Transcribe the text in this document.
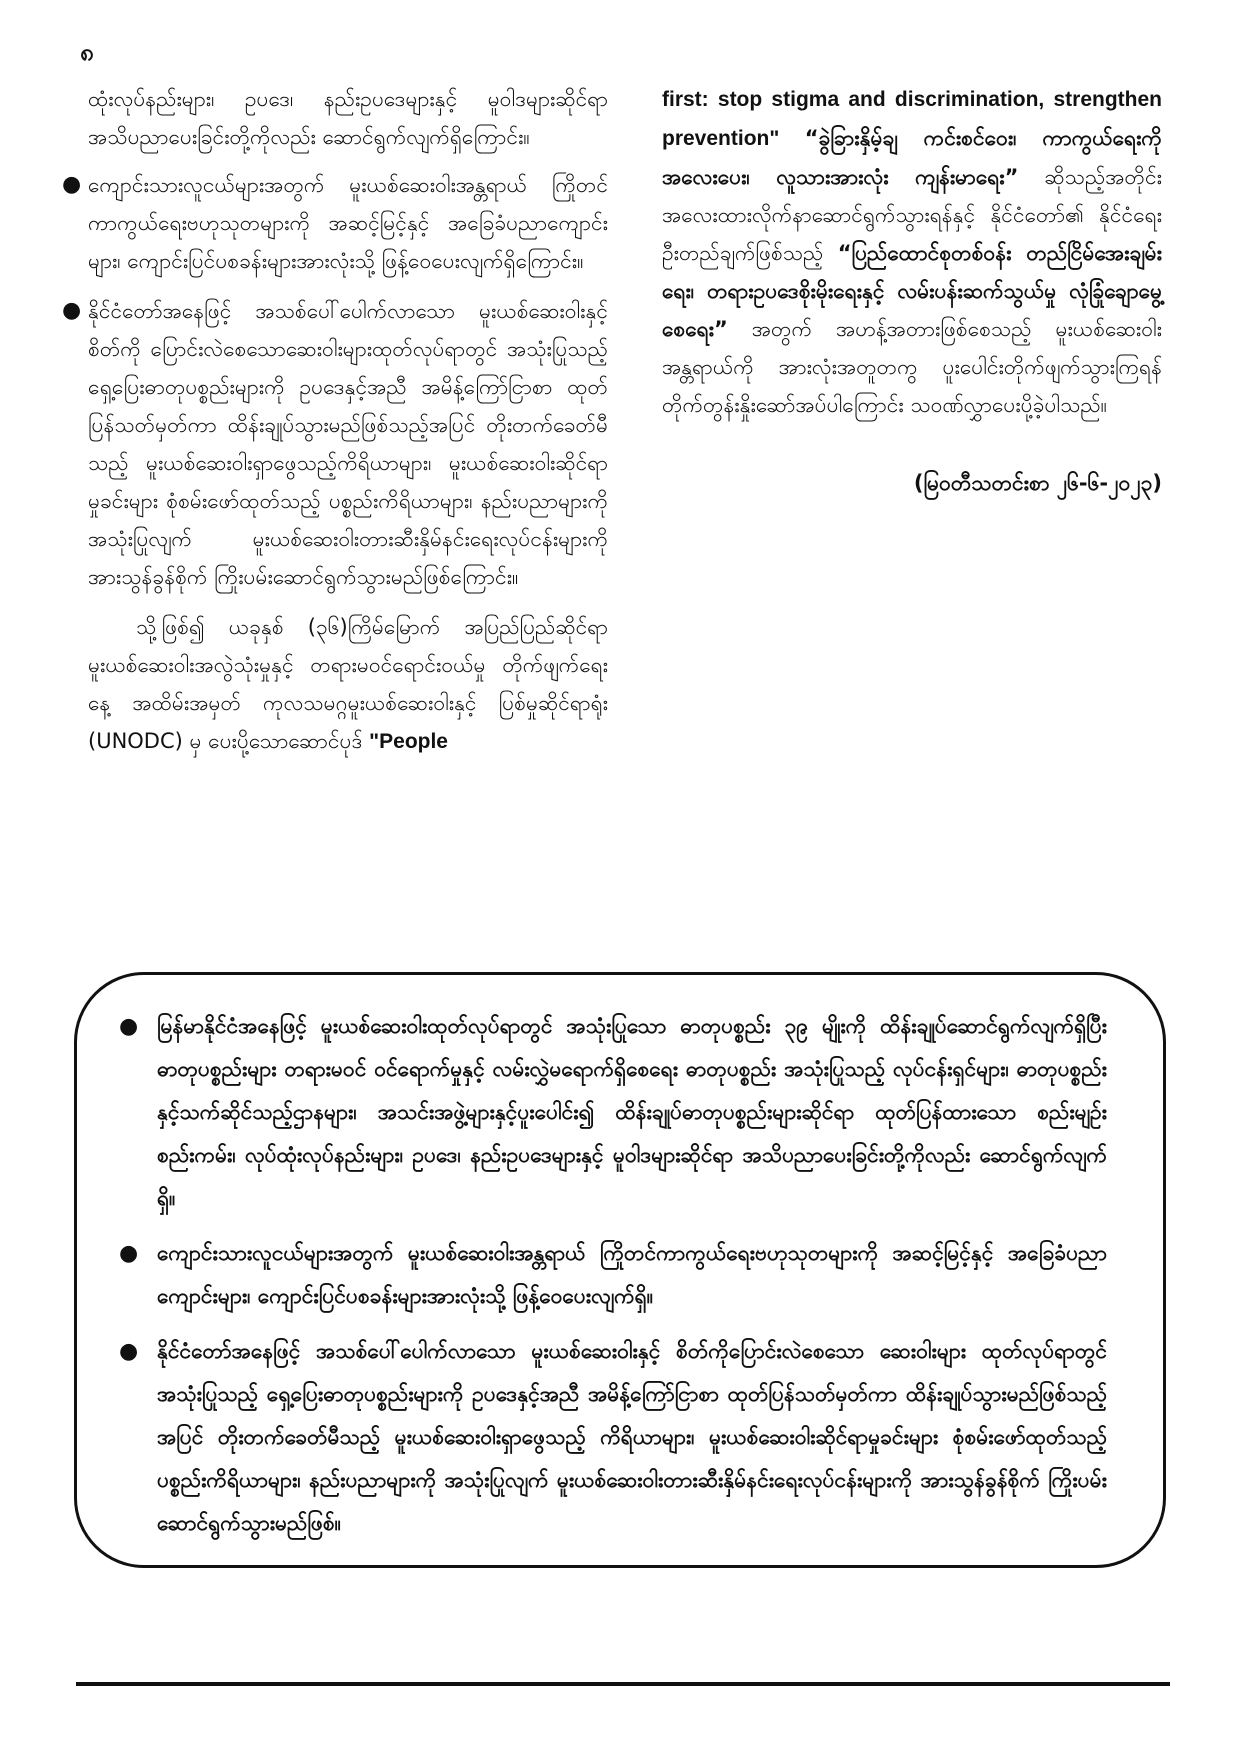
၈

ထုံးလုပ်နည်းများ၊ ဥပဒေ၊ နည်းဥပဒေများနှင့် မူဝါဒများဆိုင်ရာ အသိပညာပေးခြင်းတို့ကိုလည်း ဆောင်ရွက်လျက်ရှိကြောင်း။

● ကျောင်းသားလူငယ်များအတွက် မူးယစ်ဆေးဝါးအန္တရာယ် ကြိုတင်ကာကွယ်ရေးဗဟုသုတများကို အဆင့်မြင့်နှင့် အခြေခံပညာကျောင်းများ၊ ကျောင်းပြင်ပစခန်းများအားလုံးသို့ ဖြန့်ဝေပေးလျက်ရှိကြောင်း။
● နိုင်ငံတော်အနေဖြင့် အသစ်ပေါ်ပေါက်လာသော မူးယစ်ဆေးဝါးနှင့် စိတ်ကို ပြောင်းလဲစေသောဆေးဝါးများထုတ်လုပ်ရာတွင် အသုံးပြုသည့် ရှေ့ပြေးဓာတုပစ္စည်းများကို ဥပဒေနှင့်အညီ အမိန့်ကြော်ငြာစာ ထုတ်ပြန်သတ်မှတ်ကာ ထိန်းချုပ်သွားမည်ဖြစ်သည့်အပြင် တိုးတက်ခေတ်မီသည့် မူးယစ်ဆေးဝါးရှာဖွေသည့်ကိရိယာများ၊ မူးယစ်ဆေးဝါးဆိုင်ရာမှုခင်းများ စုံစမ်းဖော်ထုတ်သည့် ပစ္စည်းကိရိယာများ၊ နည်းပညာများကိုအသုံးပြုလျက် မူးယစ်ဆေးဝါးတားဆီးနှိမ်နင်းရေးလုပ်ငန်းများကို အားသွန်ခွန်စိုက် ကြိုးပမ်းဆောင်ရွက်သွားမည်ဖြစ်ကြောင်း။

သို့ဖြစ်၍ ယခုနှစ် (၃၆)ကြိမ်မြောက် အပြည်ပြည်ဆိုင်ရာ မူးယစ်ဆေးဝါးအလွဲသုံးမှုနှင့် တရားမဝင်ရောင်းဝယ်မှု တိုက်ဖျက်ရေးနေ့ အထိမ်းအမှတ် ကုလသမဂ္ဂမူးယစ်ဆေးဝါးနှင့် ပြစ်မှုဆိုင်ရာရုံး (UNODC) မှ ပေးပို့သောဆောင်ပုဒ် "People

first: stop stigma and discrimination, strengthen prevention" “ခွဲခြားနှိမ့်ချ ကင်းစင်ဝေး၊ ကာကွယ်ရေးကို အလေးပေး၊ လူသားအားလုံး ကျန်းမာရေး” ဆိုသည့်အတိုင်း အလေးထားလိုက်နာဆောင်ရွက်သွားရန်နှင့် နိုင်ငံတော်၏ နိုင်ငံရေးဦးတည်ချက်ဖြစ်သည့် “ပြည်ထောင်စုတစ်ဝန်း တည်ငြိမ်အေးချမ်းရေး၊ တရားဥပဒေစိုးမိုးရေးနှင့် လမ်းပန်းဆက်သွယ်မှု လုံခြုံချောမွေ့စေရေး” အတွက် အဟန့်အတားဖြစ်စေသည့် မူးယစ်ဆေးဝါးအန္တရာယ်ကို အားလုံးအတူတကွ ပူးပေါင်းတိုက်ဖျက်သွားကြရန် တိုက်တွန်းနှိုးဆော်အပ်ပါကြောင်း သဝဏ်လွှာပေးပို့ခဲ့ပါသည်။

(မြဝတီသတင်းစာ ၂၆-၆-၂၀၂၃)

● မြန်မာနိုင်ငံအနေဖြင့် မူးယစ်ဆေးဝါးထုတ်လုပ်ရာတွင် အသုံးပြုသော ဓာတုပစ္စည်း ၃၉ မျိုးကို ထိန်းချုပ်ဆောင်ရွက်လျက်ရှိပြီး ဓာတုပစ္စည်းများ တရားမဝင် ဝင်ရောက်မှုနှင့် လမ်းလွှဲမရောက်ရှိစေရေး ဓာတုပစ္စည်း အသုံးပြုသည့် လုပ်ငန်းရှင်များ၊ ဓာတုပစ္စည်းနှင့်သက်ဆိုင်သည့်ဌာနများ၊ အသင်းအဖွဲ့များနှင့်ပူးပေါင်း၍ ထိန်းချုပ်ဓာတုပစ္စည်းများဆိုင်ရာ ထုတ်ပြန်ထားသော စည်းမျဉ်းစည်းကမ်း၊ လုပ်ထုံးလုပ်နည်းများ၊ ဥပဒေ၊ နည်းဥပဒေများနှင့် မူဝါဒများဆိုင်ရာ အသိပညာပေးခြင်းတို့ကိုလည်း ဆောင်ရွက်လျက်ရှိ။
● ကျောင်းသားလူငယ်များအတွက် မူးယစ်ဆေးဝါးအန္တရာယ် ကြိုတင်ကာကွယ်ရေးဗဟုသုတများကို အဆင့်မြင့်နှင့် အခြေခံပညာကျောင်းများ၊ ကျောင်းပြင်ပစခန်းများအားလုံးသို့ ဖြန့်ဝေပေးလျက်ရှိ။
● နိုင်ငံတော်အနေဖြင့် အသစ်ပေါ်ပေါက်လာသော မူးယစ်ဆေးဝါးနှင့် စိတ်ကိုပြောင်းလဲစေသော ဆေးဝါးများ ထုတ်လုပ်ရာတွင် အသုံးပြုသည့် ရှေ့ပြေးဓာတုပစ္စည်းများကို ဥပဒေနှင့်အညီ အမိန့်ကြော်ငြာစာ ထုတ်ပြန်သတ်မှတ်ကာ ထိန်းချုပ်သွားမည်ဖြစ်သည့်အပြင် တိုးတက်ခေတ်မီသည့် မူးယစ်ဆေးဝါးရှာဖွေသည့် ကိရိယာများ၊ မူးယစ်ဆေးဝါးဆိုင်ရာမှုခင်းများ စုံစမ်းဖော်ထုတ်သည့် ပစ္စည်းကိရိယာများ၊ နည်းပညာများကို အသုံးပြုလျက် မူးယစ်ဆေးဝါးတားဆီးနှိမ်နင်းရေးလုပ်ငန်းများကို အားသွန်ခွန်စိုက် ကြိုးပမ်းဆောင်ရွက်သွားမည်ဖြစ်။
